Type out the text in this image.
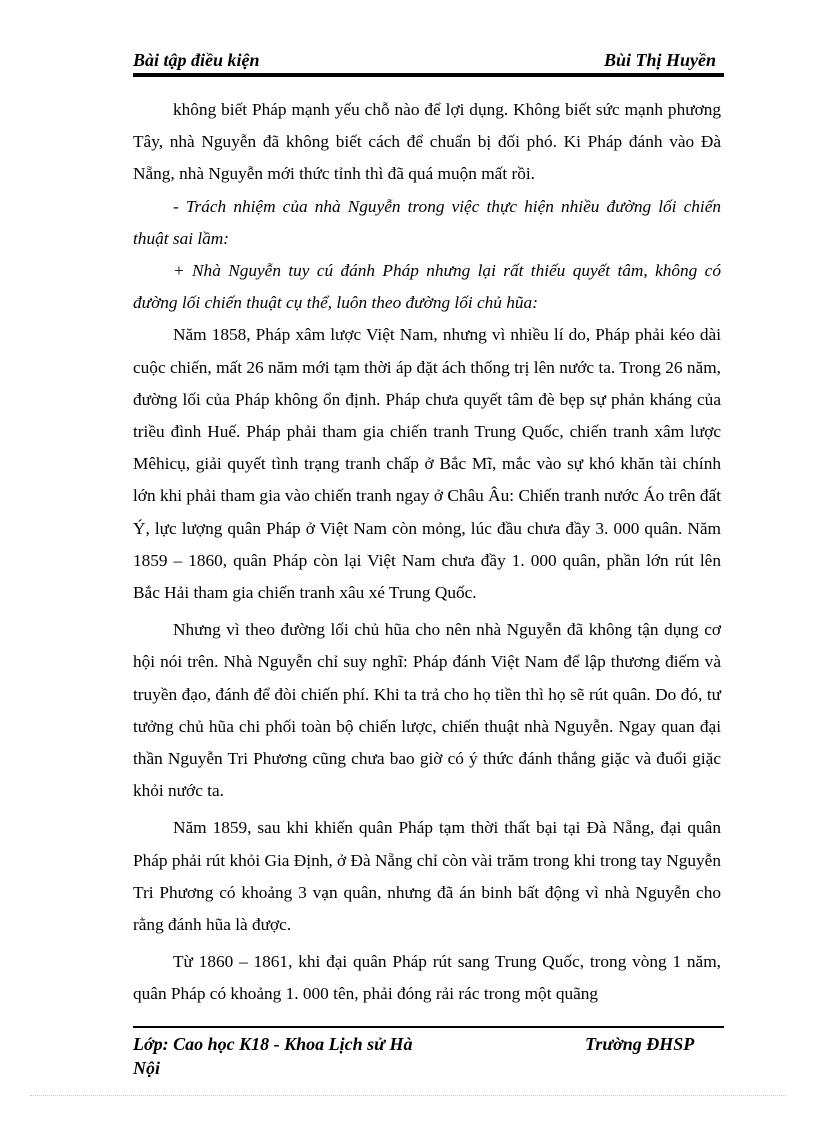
Bài tập điều kiện	Bùi Thị Huyền

không biết Pháp mạnh yếu chỗ nào để lợi dụng. Không biết sức mạnh phương Tây, nhà Nguyễn đã không biết cách để chuẩn bị đối phó. Ki Pháp đánh vào Đà Nẵng, nhà Nguyễn mới thức tỉnh thì đã quá muộn mất rồi.

- Trách nhiệm của nhà Nguyễn trong việc thực hiện nhiều đường lối chiến thuật sai lầm:

+ Nhà Nguyễn tuy cú đánh Pháp nhưng lại rất thiếu quyết tâm, không có đường lối chiến thuật cụ thể, luôn theo đường lối chủ hũa:

Năm 1858, Pháp xâm lược Việt Nam, nhưng vì nhiều lí do, Pháp phải kéo dài cuộc chiến, mất 26 năm mới tạm thời áp đặt ách thống trị lên nước ta. Trong 26 năm, đường lối của Pháp không ổn định. Pháp chưa quyết tâm đè bẹp sự phản kháng của triều đình Huế. Pháp phải tham gia chiến tranh Trung Quốc, chiến tranh xâm lược Mêhicụ, giải quyết tình trạng tranh chấp ở Bắc Mĩ, mắc vào sự khó khăn tài chính lớn khi phải tham gia vào chiến tranh ngay ở Châu Âu: Chiến tranh nước Áo trên đất Ý, lực lượng quân Pháp ở Việt Nam còn mỏng, lúc đầu chưa đầy 3. 000 quân. Năm 1859 – 1860, quân Pháp còn lại Việt Nam chưa đầy 1. 000 quân, phần lớn rút lên Bắc Hải tham gia chiến tranh xâu xé Trung Quốc.

Nhưng vì theo đường lối chủ hũa cho nên nhà Nguyễn đã không tận dụng cơ hội nói trên. Nhà Nguyễn chỉ suy nghĩ: Pháp đánh Việt Nam để lập thương điếm và truyền đạo, đánh để đòi chiến phí. Khi ta trả cho họ tiền thì họ sẽ rút quân. Do đó, tư tưởng chủ hũa chi phối toàn bộ chiến lược, chiến thuật nhà Nguyễn. Ngay quan đại thần Nguyễn Tri Phương cũng chưa bao giờ có ý thức đánh thắng giặc và đuổi giặc khỏi nước ta.

Năm 1859, sau khi khiến quân Pháp tạm thời thất bại tại Đà Nẵng, đại quân Pháp phải rút khỏi Gia Định, ở Đà Nẵng chỉ còn vài trăm trong khi trong tay Nguyễn Tri Phương có khoảng 3 vạn quân, nhưng đã án binh bất động vì nhà Nguyễn cho rằng đánh hũa là được.

Từ 1860 – 1861, khi đại quân Pháp rút sang Trung Quốc, trong vòng 1 năm, quân Pháp có khoảng 1. 000 tên, phải đóng rải rác trong một quãng

Lớp: Cao học K18 - Khoa Lịch sử Hà Nội
Trường ĐHSP
